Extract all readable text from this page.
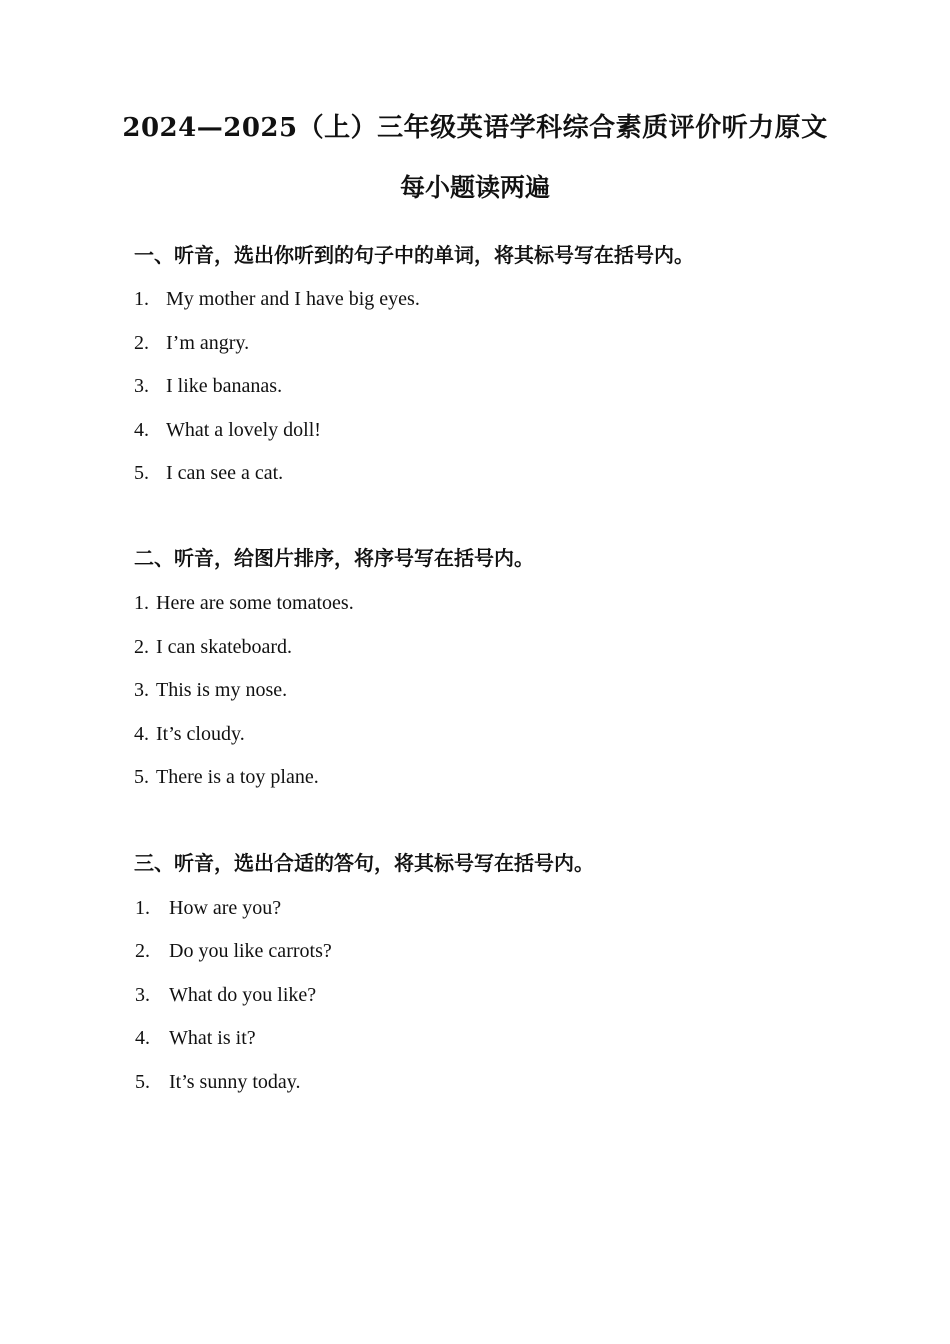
2024—2025（上）三年级英语学科综合素质评价听力原文
每小题读两遍
一、听音，选出你听到的句子中的单词，将其标号写在括号内。
1. My mother and I have big eyes.
2. I’m angry.
3. I like bananas.
4. What a lovely doll!
5. I can see a cat.
二、听音，给图片排序，将序号写在括号内。
1. Here are some tomatoes.
2. I can skateboard.
3. This is my nose.
4. It’s cloudy.
5. There is a toy plane.
三、听音，选出合适的答句，将其标号写在括号内。
1. How are you?
2. Do you like carrots?
3. What do you like?
4. What is it?
5. It’s sunny today.
